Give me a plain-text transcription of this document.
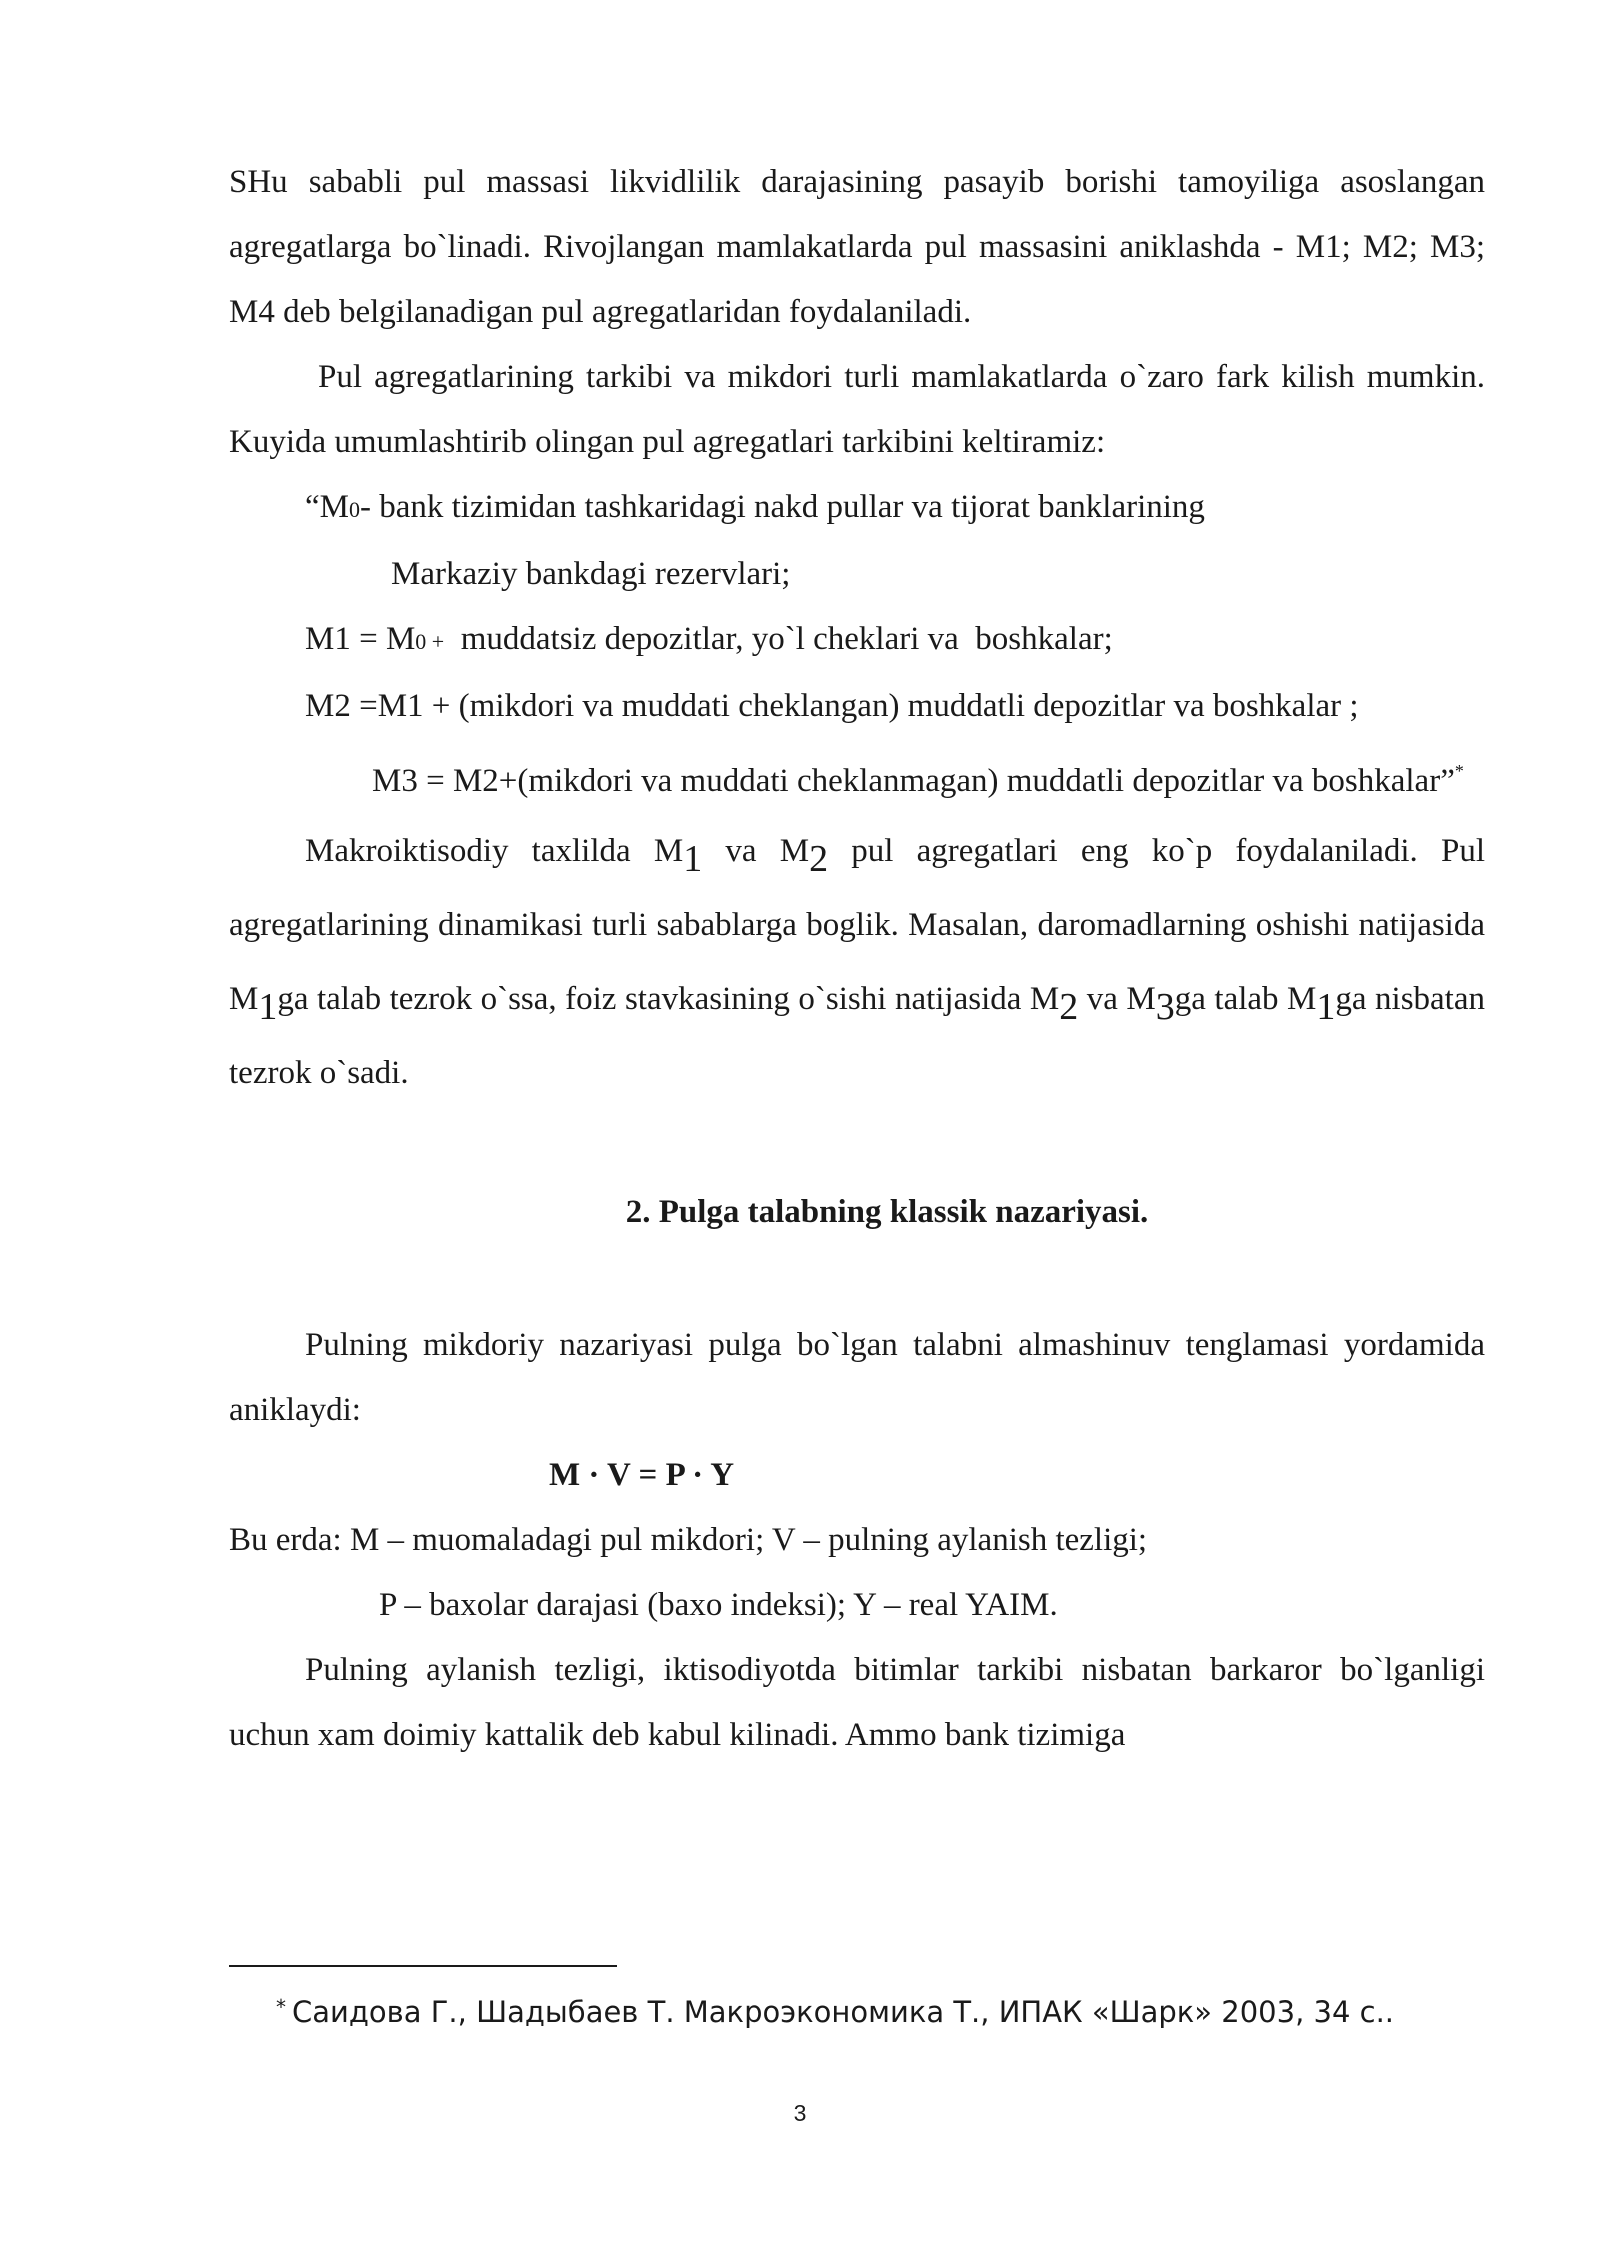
SHu sababli pul massasi likvidlilik darajasining pasayib borishi tamoyiliga asoslangan agregatlarga bo`linadi. Rivojlangan mamlakatlarda pul massasini aniklashda - M1; M2; M3; M4 deb belgilanadigan pul agregatlaridan foydalaniladi.

Pul agregatlarining tarkibi va mikdori turli mamlakatlarda o`zaro fark kilish mumkin. Kuyida umumlashtirib olingan pul agregatlari tarkibini keltiramiz:

“M0- bank tizimidan tashkaridagi nakd pullar va tijorat banklarining

Markaziy bankdagi rezervlari;

M1 = M0 +  muddatsiz depozitlar, yo`l cheklari va  boshkalar;

M2 =M1 + (mikdori va muddati cheklangan) muddatli depozitlar va boshkalar ;

M3 = M2+(mikdori va muddati cheklanmagan) muddatli depozitlar va boshkalar”*

Makroiktisodiy taxlilda M1 va M2 pul agregatlari eng ko`p foydalaniladi. Pul agregatlarining dinamikasi turli sabablarga boglik. Masalan, daromadlarning oshishi natijasida M1ga talab tezrok o`ssa, foiz stavkasining o`sishi natijasida M2 va M3ga talab M1ga nisbatan tezrok o`sadi.

2. Pulga talabning klassik nazariyasi.

Pulning mikdoriy nazariyasi pulga bo`lgan talabni almashinuv tenglamasi yordamida aniklaydi:

M · V = P · Y

Bu erda: M – muomaladagi pul mikdori; V – pulning aylanish tezligi;

P – baxolar darajasi (baxo indeksi); Y – real YAIM.

Pulning aylanish tezligi, iktisodiyotda bitimlar tarkibi nisbatan barkaror bo`lganligi uchun xam doimiy kattalik deb kabul kilinadi. Ammo bank tizimiga

* Саидова Г., Шадыбаев Т. Макроэкономика Т., ИПАК «Шарк» 2003, 34 с..
3
